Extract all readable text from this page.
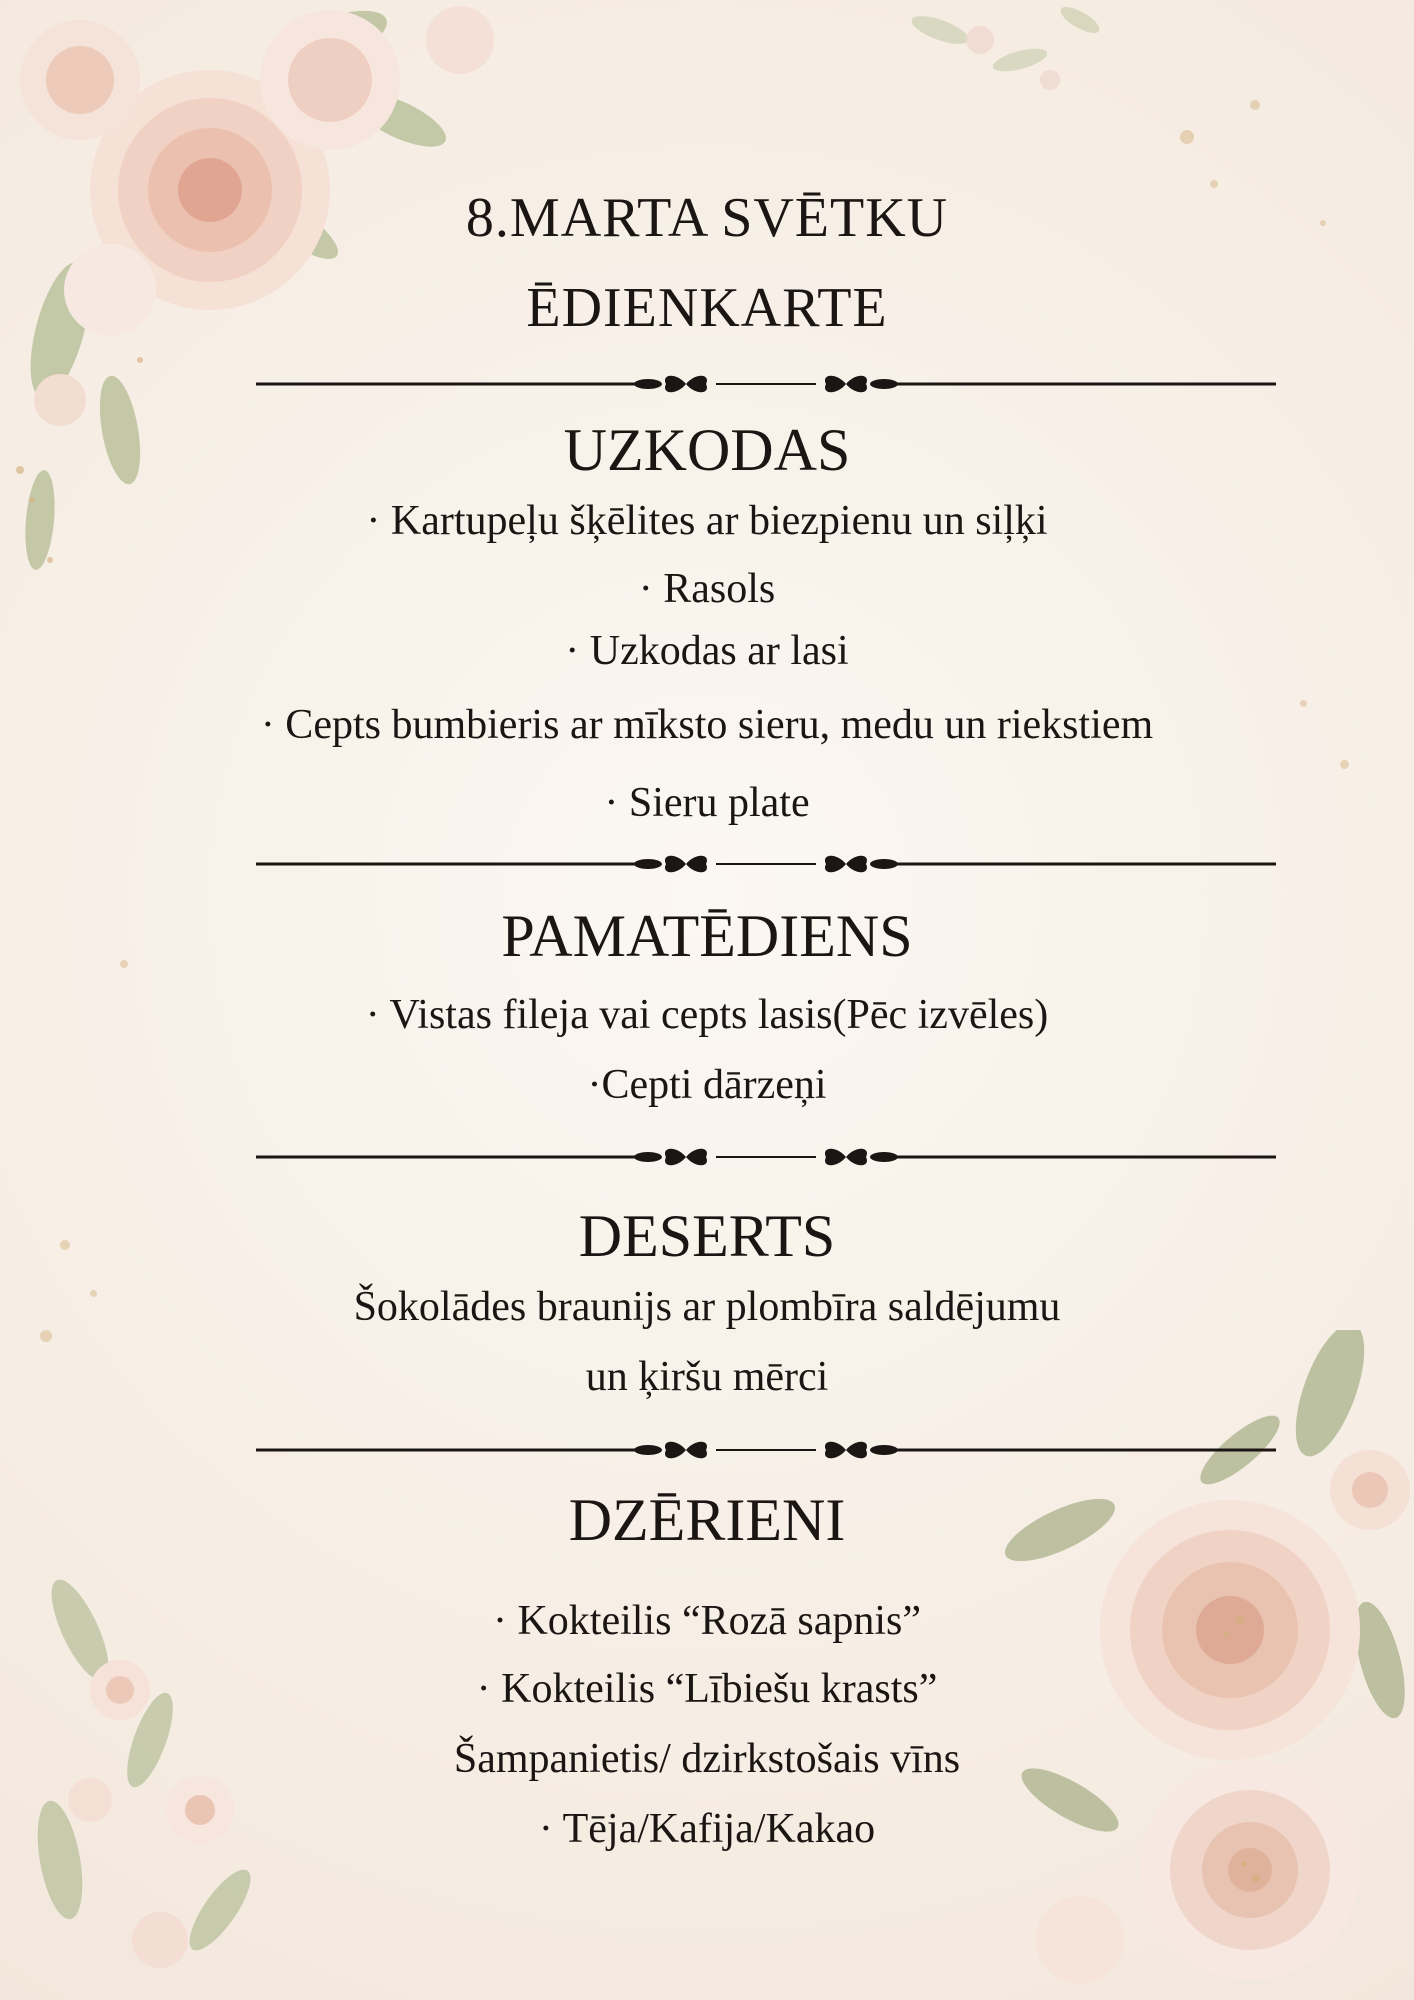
8.MARTA SVĒTKU
ĒDIENKARTE
UZKODAS
· Kartupeļu šķēlites ar biezpienu un siļķi
· Rasols
· Uzkodas ar lasi
· Cepts bumbieris ar mīksto sieru, medu un riekstiem
· Sieru plate
PAMATĒDIENS
· Vistas fileja vai cepts lasis(Pēc izvēles)
·Cepti dārzeņi
DESERTS
Šokolādes braunijs ar plombīra saldējumu
un ķiršu mērci
DZĒRIENI
· Kokteilis “Rozā sapnis”
· Kokteilis “Lībiešu krasts”
Šampanietis/ dzirkstošais vīns
· Tēja/Kafija/Kakao
